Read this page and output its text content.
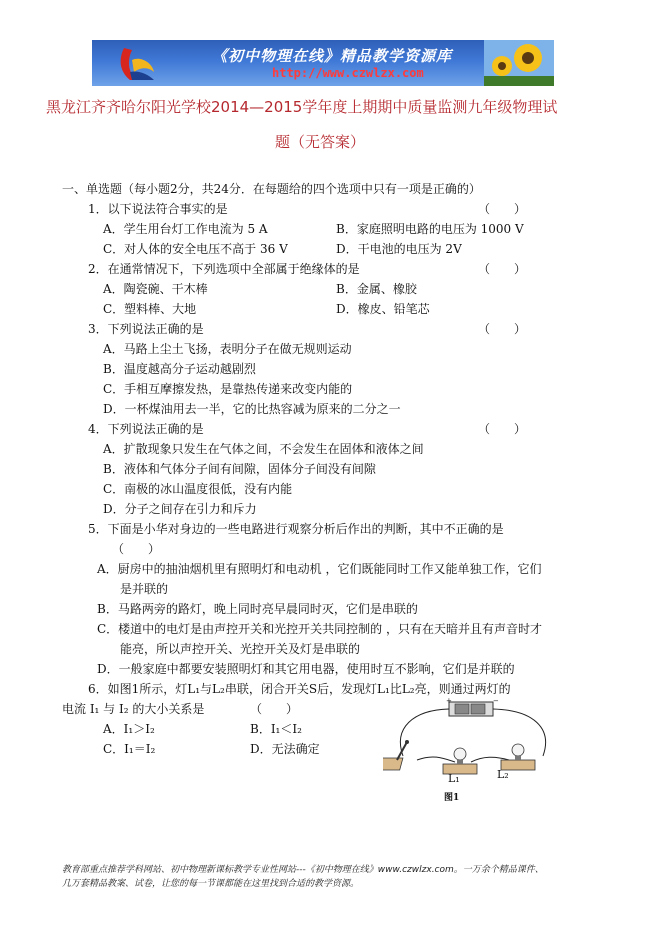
《初中物理在线》精品教学资源库
http://www.czwlzx.com
黑龙江齐齐哈尔阳光学校2014—2015学年度上期期中质量监测九年级物理试
题（无答案）
一、单选题（每小题2分，共24分．在每题给的四个选项中只有一项是正确的）
1．以下说法符合事实的是	（　　）
A．学生用台灯工作电流为 5 A	B．家庭照明电路的电压为 1000 V
C．对人体的安全电压不高于 36 V	D．干电池的电压为 2V
2．在通常情况下，下列选项中全部属于绝缘体的是	（　　）
A．陶瓷碗、干木棒	B．金属、橡胶
C．塑料棒、大地	D．橡皮、铅笔芯
3．下列说法正确的是	（　　）
A．马路上尘土飞扬，表明分子在做无规则运动
B．温度越高分子运动越剧烈
C．手相互摩擦发热，是靠热传递来改变内能的
D．一杯煤油用去一半，它的比热容减为原来的二分之一
4．下列说法正确的是	（　　）
A．扩散现象只发生在气体之间，不会发生在固体和液体之间
B．液体和气体分子间有间隙，固体分子间没有间隙
C．南极的冰山温度很低，没有内能
D．分子之间存在引力和斥力
5．下面是小华对身边的一些电路进行观察分析后作出的判断，其中不正确的是
（　　）
A．厨房中的抽油烟机里有照明灯和电动机 ，它们既能同时工作又能单独工作，它们
是并联的
B．马路两旁的路灯，晚上同时亮早晨同时灭，它们是串联的
C．楼道中的电灯是由声控开关和光控开关共同控制的 ，只有在天暗并且有声音时才
能亮，所以声控开关、光控开关及灯是串联的
D．一般家庭中都要安装照明灯和其它用电器，使用时互不影响，它们是并联的
6．如图1所示，灯L₁与L₂串联，闭合开关S后，发现灯L₁比L₂亮，则通过两灯的
电流 I₁ 与 I₂ 的大小关系是	（　　）
A．I₁＞I₂	B．I₁＜I₂
C．I₁＝I₂	D．无法确定
+	−
L₁	L₂
图1
教育部重点推荐学科网站、初中物理新课标教学专业性网站---《初中物理在线》www.czwlzx.com。一万余个精品课件、
几万套精品教案、试卷，让您的每一节课都能在这里找到合适的教学资源。
